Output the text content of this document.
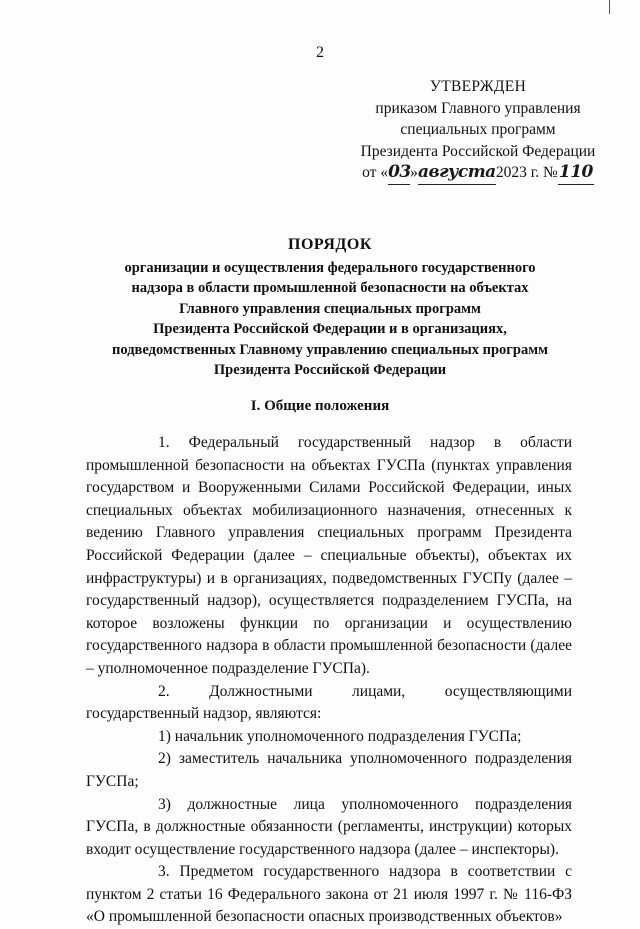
2
УТВЕРЖДЕН
приказом Главного управления
специальных программ
Президента Российской Федерации
от «03»августа2023 г. №110
ПОРЯДОК
организации и осуществления федерального государственного
надзора в области промышленной безопасности на объектах
Главного управления специальных программ
Президента Российской Федерации и в организациях,
подведомственных Главному управлению специальных программ
Президента Российской Федерации
I. Общие положения

1. Федеральный государственный надзор в области промышленной безопасности на объектах ГУСПа (пунктах управления государством и Вооруженными Силами Российской Федерации, иных специальных объектах мобилизационного назначения, отнесенных к ведению Главного управления специальных программ Президента Российской Федерации (далее – специальные объекты), объектах их инфраструктуры) и в организациях, подведомственных ГУСПу (далее – государственный надзор), осуществляется подразделением ГУСПа, на которое возложены функции по организации и осуществлению государственного надзора в области промышленной безопасности (далее – уполномоченное подразделение ГУСПа).

2.	Должностными лицами, осуществляющими государственный надзор, являются:

1) начальник уполномоченного подразделения ГУСПа;

2) заместитель начальника уполномоченного подразделения ГУСПа;

3) должностные лица уполномоченного подразделения ГУСПа, в должностные обязанности (регламенты, инструкции) которых входит осуществление государственного надзора (далее – инспекторы).

3. Предметом государственного надзора в соответствии с пунктом 2 статьи 16 Федерального закона от 21 июля 1997 г. № 116-ФЗ «О промышленной безопасности опасных производственных объектов»
